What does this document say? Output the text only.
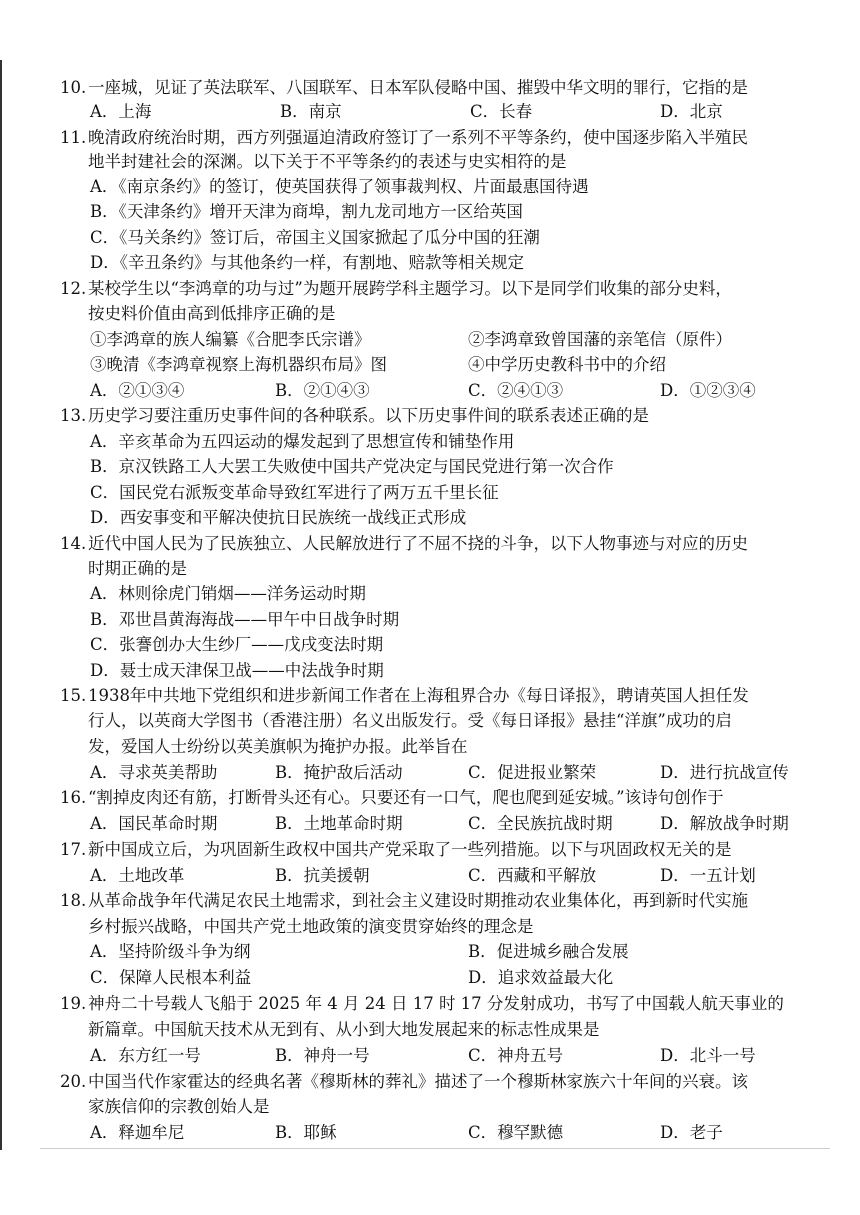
10. 一座城，见证了英法联军、八国联军、日本军队侵略中国、摧毁中华文明的罪行，它指的是
A．上海	B．南京	C．长春	D．北京
11. 晚清政府统治时期，西方列强逼迫清政府签订了一系列不平等条约，使中国逐步陷入半殖民
地半封建社会的深渊。以下关于不平等条约的表述与史实相符的是
A．《南京条约》的签订，使英国获得了领事裁判权、片面最惠国待遇
B．《天津条约》增开天津为商埠，割九龙司地方一区给英国
C．《马关条约》签订后，帝国主义国家掀起了瓜分中国的狂潮
D．《辛丑条约》与其他条约一样，有割地、赔款等相关规定
12. 某校学生以“李鸿章的功与过”为题开展跨学科主题学习。以下是同学们收集的部分史料，
按史料价值由高到低排序正确的是
①李鸿章的族人编纂《合肥李氏宗谱》	②李鸿章致曾国藩的亲笔信（原件）
③晚清《李鸿章视察上海机器织布局》图	④中学历史教科书中的介绍
A．②①③④	B．②①④③	C．②④①③	D．①②③④
13. 历史学习要注重历史事件间的各种联系。以下历史事件间的联系表述正确的是
A．辛亥革命为五四运动的爆发起到了思想宣传和铺垫作用
B．京汉铁路工人大罢工失败使中国共产党决定与国民党进行第一次合作
C．国民党右派叛变革命导致红军进行了两万五千里长征
D．西安事变和平解决使抗日民族统一战线正式形成
14. 近代中国人民为了民族独立、人民解放进行了不屈不挠的斗争，以下人物事迹与对应的历史
时期正确的是
A．林则徐虎门销烟——洋务运动时期
B．邓世昌黄海海战——甲午中日战争时期
C．张謇创办大生纱厂——戊戌变法时期
D．聂士成天津保卫战——中法战争时期
15. 1938年中共地下党组织和进步新闻工作者在上海租界合办《每日译报》，聘请英国人担任发
行人，以英商大学图书（香港注册）名义出版发行。受《每日译报》悬挂“洋旗”成功的启
发，爱国人士纷纷以英美旗帜为掩护办报。此举旨在
A．寻求英美帮助	B．掩护敌后活动	C．促进报业繁荣	D．进行抗战宣传
16. “割掉皮肉还有筋，打断骨头还有心。只要还有一口气，爬也爬到延安城。”该诗句创作于
A．国民革命时期	B．土地革命时期	C．全民族抗战时期	D．解放战争时期
17. 新中国成立后，为巩固新生政权中国共产党采取了一些列措施。以下与巩固政权无关的是
A．土地改革	B．抗美援朝	C．西藏和平解放	D．一五计划
18. 从革命战争年代满足农民土地需求，到社会主义建设时期推动农业集体化，再到新时代实施
乡村振兴战略，中国共产党土地政策的演变贯穿始终的理念是
A．坚持阶级斗争为纲	B．促进城乡融合发展
C．保障人民根本利益	D．追求效益最大化
19. 神舟二十号载人飞船于 2025 年 4 月 24 日 17 时 17 分发射成功，书写了中国载人航天事业的
新篇章。中国航天技术从无到有、从小到大地发展起来的标志性成果是
A．东方红一号	B．神舟一号	C．神舟五号	D．北斗一号
20. 中国当代作家霍达的经典名著《穆斯林的葬礼》描述了一个穆斯林家族六十年间的兴衰。该
家族信仰的宗教创始人是
A．释迦牟尼	B．耶稣	C．穆罕默德	D．老子
